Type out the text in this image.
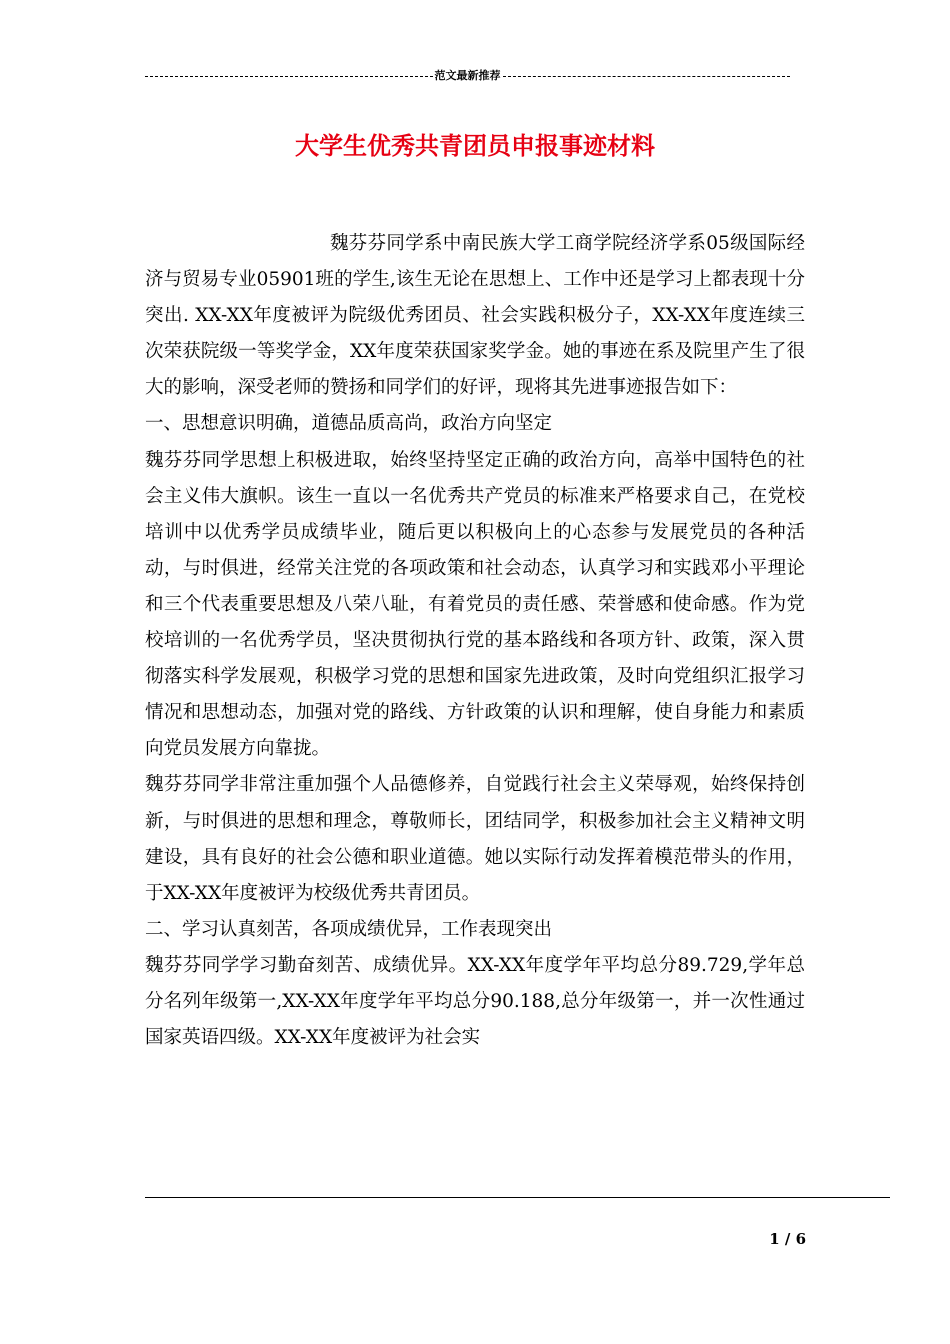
范文最新推荐
大学生优秀共青团员申报事迹材料

魏芬芬同学系中南民族大学工商学院经济学系05级国际经济与贸易专业05901班的学生,该生无论在思想上、工作中还是学习上都表现十分突出. XX-XX年度被评为院级优秀团员、社会实践积极分子，XX-XX年度连续三次荣获院级一等奖学金，XX年度荣获国家奖学金。她的事迹在系及院里产生了很大的影响，深受老师的赞扬和同学们的好评，现将其先进事迹报告如下：

一、思想意识明确，道德品质高尚，政治方向坚定

魏芬芬同学思想上积极进取，始终坚持坚定正确的政治方向，高举中国特色的社会主义伟大旗帜。该生一直以一名优秀共产党员的标准来严格要求自己，在党校培训中以优秀学员成绩毕业，随后更以积极向上的心态参与发展党员的各种活动，与时俱进，经常关注党的各项政策和社会动态，认真学习和实践邓小平理论和三个代表重要思想及八荣八耻，有着党员的责任感、荣誉感和使命感。作为党校培训的一名优秀学员，坚决贯彻执行党的基本路线和各项方针、政策，深入贯彻落实科学发展观，积极学习党的思想和国家先进政策，及时向党组织汇报学习情况和思想动态，加强对党的路线、方针政策的认识和理解，使自身能力和素质向党员发展方向靠拢。

魏芬芬同学非常注重加强个人品德修养，自觉践行社会主义荣辱观，始终保持创新，与时俱进的思想和理念，尊敬师长，团结同学，积极参加社会主义精神文明建设，具有良好的社会公德和职业道德。她以实际行动发挥着模范带头的作用，于XX-XX年度被评为校级优秀共青团员。

二、学习认真刻苦，各项成绩优异，工作表现突出

魏芬芬同学学习勤奋刻苦、成绩优异。XX-XX年度学年平均总分89.729,学年总分名列年级第一,XX-XX年度学年平均总分90.188,总分年级第一，并一次性通过国家英语四级。XX-XX年度被评为社会实

1 / 6
